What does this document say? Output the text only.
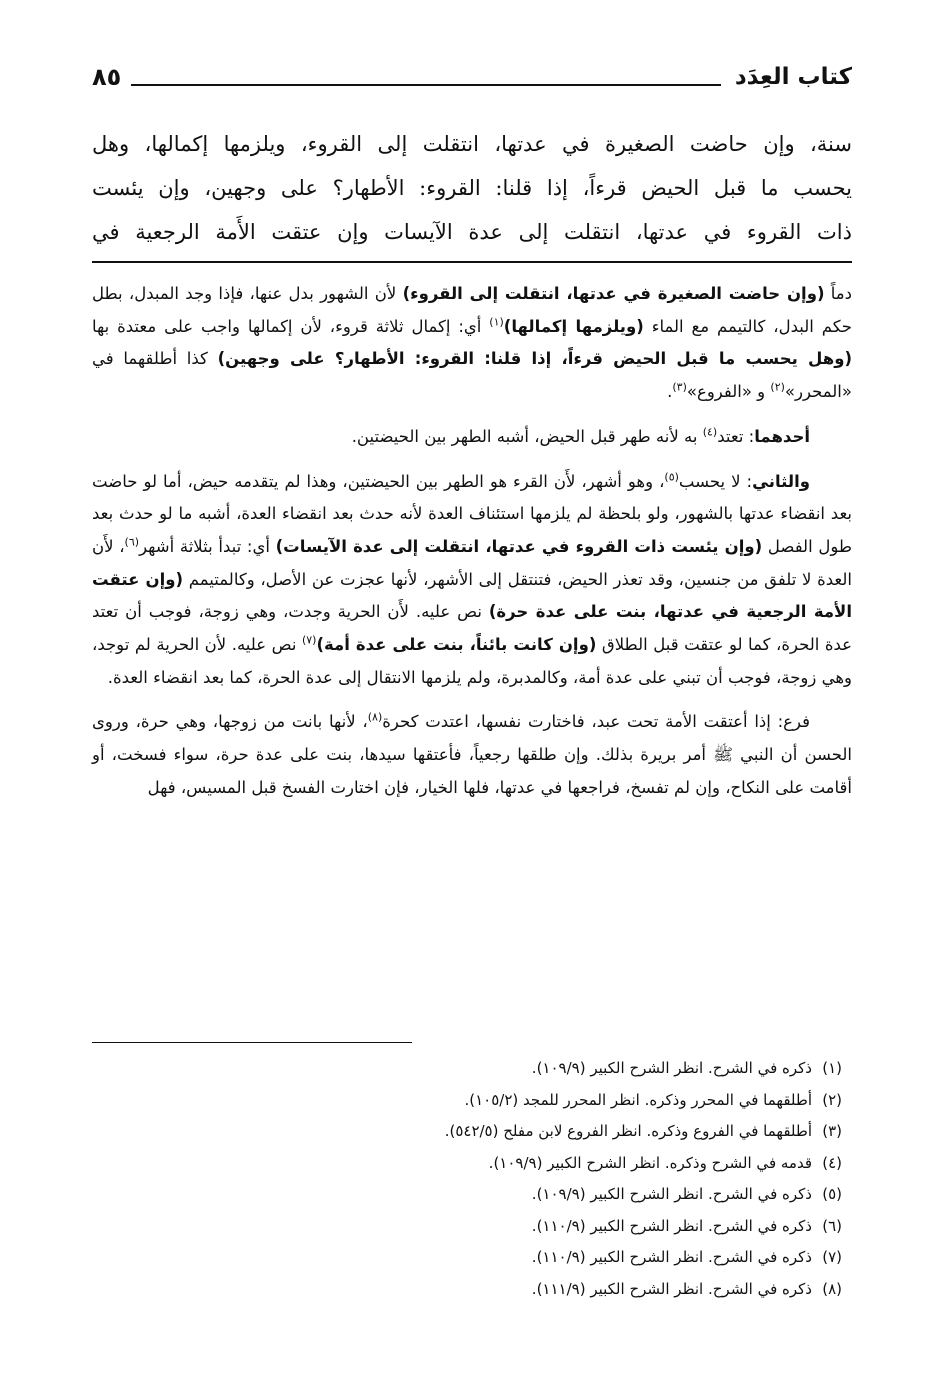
كتاب العِدَد
٨٥

سنة، وإن حاضت الصغيرة في عدتها، انتقلت إلى القروء، ويلزمها إكمالها، وهل

يحسب ما قبل الحيض قرءاً، إذا قلنا: القروء: الأطهار؟ على وجهين، وإن يئست

ذات القروء في عدتها، انتقلت إلى عدة الآيسات وإن عتقت الأَمة الرجعية في

دماً (وإن حاضت الصغيرة في عدتها، انتقلت إلى القروء) لأن الشهور بدل عنها، فإذا وجد المبدل، بطل حكم البدل، كالتيمم مع الماء (ويلزمها إكمالها)$^{(١)}$ أي: إكمال ثلاثة قروء، لأن إكمالها واجب على معتدة بها (وهل يحسب ما قبل الحيض قرءاً، إذا قلنا: القروء: الأطهار؟ على وجهين) كذا أطلقهما في «المحرر»$^{(٢)}$ و «الفروع»$^{(٣)}$.

أحدهما: تعتد$^{(٤)}$ به لأنه طهر قبل الحيض، أشبه الطهر بين الحيضتين.

والثاني: لا يحسب$^{(٥)}$، وهو أشهر، لأَن القرء هو الطهر بين الحيضتين، وهذا لم يتقدمه حيض، أما لو حاضت بعد انقضاء عدتها بالشهور، ولو بلحظة لم يلزمها استئناف العدة لأنه حدث بعد انقضاء العدة، أشبه ما لو حدث بعد طول الفصل (وإن يئست ذات القروء في عدتها، انتقلت إلى عدة الآيسات) أي: تبدأ بثلاثة أشهر$^{(٦)}$، لأَن العدة لا تلفق من جنسين، وقد تعذر الحيض، فتنتقل إلى الأشهر، لأنها عجزت عن الأصل، وكالمتيمم (وإن عتقت الأمة الرجعية في عدتها، بنت على عدة حرة) نص عليه. لأَن الحرية وجدت، وهي زوجة، فوجب أن تعتد عدة الحرة، كما لو عتقت قبل الطلاق (وإن كانت بائناً، بنت على عدة أمة)$^{(٧)}$ نص عليه. لأن الحرية لم توجد، وهي زوجة، فوجب أن تبني على عدة أمة، وكالمدبرة، ولم يلزمها الانتقال إلى عدة الحرة، كما بعد انقضاء العدة.

فرع: إذا أعتقت الأمة تحت عبد، فاختارت نفسها، اعتدت كحرة$^{(٨)}$، لأنها بانت من زوجها، وهي حرة، وروى الحسن أن النبي ﷺ أمر بريرة بذلك. وإن طلقها رجعياً، فأعتقها سيدها، بنت على عدة حرة، سواء فسخت، أو أقامت على النكاح، وإن لم تفسخ، فراجعها في عدتها، فلها الخيار، فإن اختارت الفسخ قبل المسيس، فهل

(١)
ذكره في الشرح. انظر الشرح الكبير (١٠٩/٩).
(٢)
أطلقهما في المحرر وذكره. انظر المحرر للمجد (١٠٥/٢).
(٣)
أطلقهما في الفروع وذكره. انظر الفروع لابن مفلح (٥٤٢/٥).
(٤)
قدمه في الشرح وذكره. انظر الشرح الكبير (١٠٩/٩).
(٥)
ذكره في الشرح. انظر الشرح الكبير (١٠٩/٩).
(٦)
ذكره في الشرح. انظر الشرح الكبير (١١٠/٩).
(٧)
ذكره في الشرح. انظر الشرح الكبير (١١٠/٩).
(٨)
ذكره في الشرح. انظر الشرح الكبير (١١١/٩).
